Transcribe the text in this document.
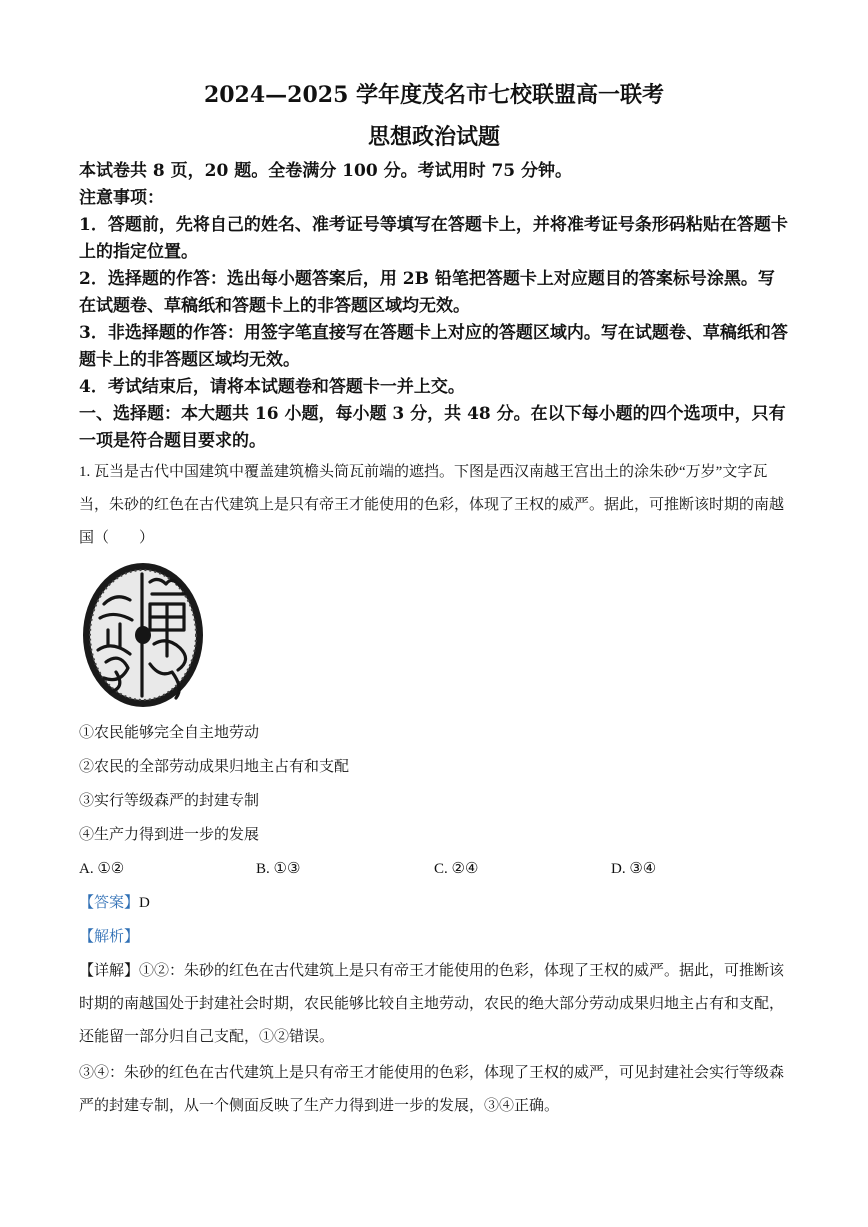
2024—2025 学年度茂名市七校联盟高一联考
思想政治试题
本试卷共 8 页，20 题。全卷满分 100 分。考试用时 75 分钟。
注意事项：
1．答题前，先将自己的姓名、准考证号等填写在答题卡上，并将准考证号条形码粘贴在答题卡上的指定位置。
2．选择题的作答：选出每小题答案后，用 2B 铅笔把答题卡上对应题目的答案标号涂黑。写在试题卷、草稿纸和答题卡上的非答题区域均无效。
3．非选择题的作答：用签字笔直接写在答题卡上对应的答题区域内。写在试题卷、草稿纸和答题卡上的非答题区域均无效。
4．考试结束后，请将本试题卷和答题卡一并上交。
一、选择题：本大题共 16 小题，每小题 3 分，共 48 分。在以下每小题的四个选项中，只有一项是符合题目要求的。
1. 瓦当是古代中国建筑中覆盖建筑檐头筒瓦前端的遮挡。下图是西汉南越王宫出土的涂朱砂“万岁”文字瓦当，朱砂的红色在古代建筑上是只有帝王才能使用的色彩，体现了王权的威严。据此，可推断该时期的南越国（　　）
①农民能够完全自主地劳动
②农民的全部劳动成果归地主占有和支配
③实行等级森严的封建专制
④生产力得到进一步的发展
A. ①②	B. ①③	C. ②④	D. ③④
【答案】D
【解析】
【详解】①②：朱砂的红色在古代建筑上是只有帝王才能使用的色彩，体现了王权的威严。据此，可推断该时期的南越国处于封建社会时期，农民能够比较自主地劳动，农民的绝大部分劳动成果归地主占有和支配，还能留一部分归自己支配，①②错误。
③④：朱砂的红色在古代建筑上是只有帝王才能使用的色彩，体现了王权的威严，可见封建社会实行等级森严的封建专制，从一个侧面反映了生产力得到进一步的发展，③④正确。
